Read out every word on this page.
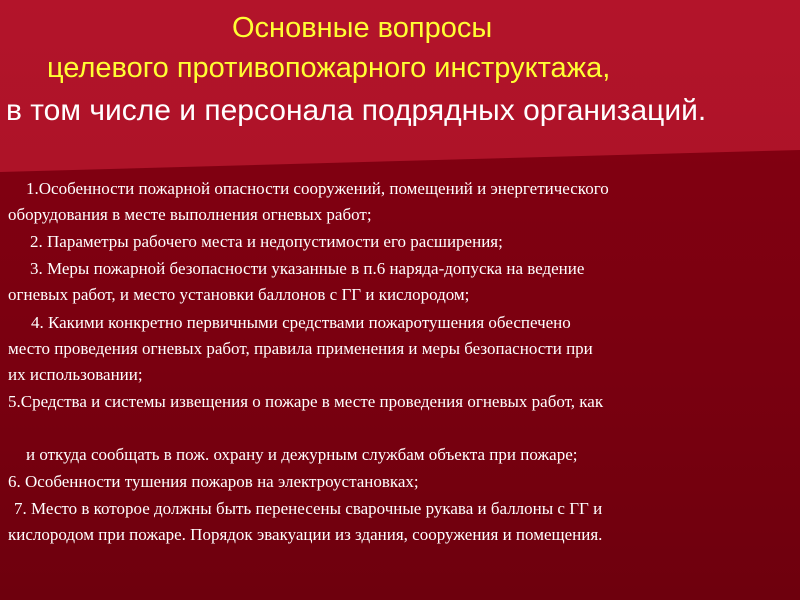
Основные вопросы
целевого противопожарного инструктажа,
в том числе и персонала подрядных организаций.
1.Особенности пожарной опасности сооружений, помещений и энергетического
оборудования в месте выполнения огневых работ;
2. Параметры рабочего места и недопустимости его расширения;
3. Меры пожарной безопасности указанные в п.6 наряда-допуска на ведение
огневых работ, и место установки баллонов с ГГ и кислородом;
4. Какими конкретно первичными средствами пожаротушения обеспечено
место проведения огневых работ, правила применения и меры безопасности при
их использовании;
5.Средства и системы извещения о пожаре в месте проведения огневых работ, как
и откуда сообщать в пож. охрану и дежурным службам объекта при пожаре;
6. Особенности тушения пожаров на электроустановках;
7. Место в которое должны быть перенесены сварочные рукава и баллоны с ГГ и
кислородом при пожаре. Порядок эвакуации из здания, сооружения и помещения.
